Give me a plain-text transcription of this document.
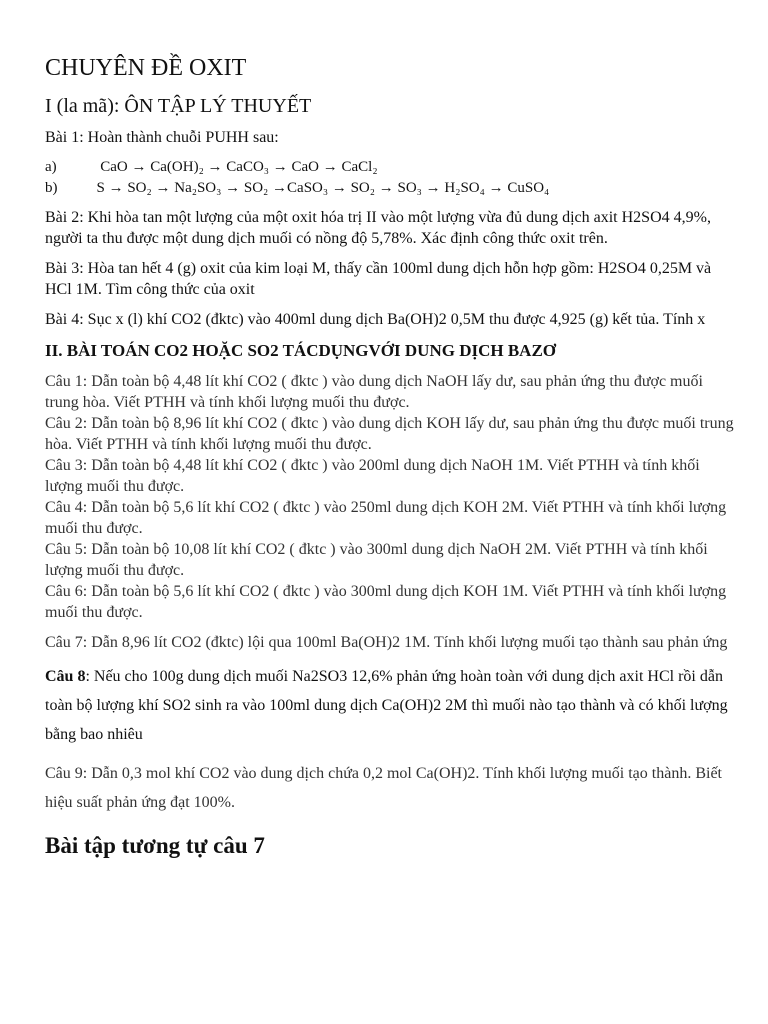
CHUYÊN ĐỀ OXIT
I (la mã): ÔN TẬP LÝ THUYẾT
Bài 1: Hoàn thành chuỗi PUHH sau:
a)   CaO → Ca(OH)₂ → CaCO₃ → CaO → CaCl₂
b)  S → SO₂ → Na₂SO₃ → SO₂ →CaSO₃ → SO₂ → SO₃ → H₂SO₄ → CuSO₄
Bài 2: Khi hòa tan một lượng của một oxit hóa trị II vào một lượng vừa đủ dung dịch axit H2SO4 4,9%, người ta thu được một dung dịch muối có nồng độ 5,78%. Xác định công thức oxit trên.
Bài 3: Hòa tan hết 4 (g) oxit của kim loại M, thấy cần 100ml dung dịch hỗn hợp gồm: H2SO4 0,25M và HCl 1M. Tìm công thức của oxit
Bài 4: Sục x (l) khí CO2 (đktc) vào 400ml dung dịch Ba(OH)2 0,5M thu được 4,925 (g) kết tủa. Tính x
II. BÀI TOÁN CO2 HOẶC SO2 TÁCDỤNGVỚI DUNG DỊCH BAZƠ
Câu 1: Dẫn toàn bộ 4,48 lít khí CO2 ( đktc ) vào dung dịch NaOH lấy dư, sau phản ứng thu được muối trung hòa. Viết PTHH và tính khối lượng muối thu được.
Câu 2: Dẫn toàn bộ 8,96 lít khí CO2 ( đktc ) vào dung dịch KOH lấy dư, sau phản ứng thu được muối trung hòa. Viết PTHH và tính khối lượng muối thu được.
Câu 3: Dẫn toàn bộ 4,48 lít khí CO2 ( đktc ) vào 200ml dung dịch NaOH 1M. Viết PTHH và tính khối lượng muối thu được.
Câu 4: Dẫn toàn bộ 5,6 lít khí CO2 ( đktc ) vào 250ml dung dịch KOH 2M. Viết PTHH và tính khối lượng muối thu được.
Câu 5: Dẫn toàn bộ 10,08 lít khí CO2 ( đktc ) vào 300ml dung dịch NaOH 2M. Viết PTHH và tính khối lượng muối thu được.
Câu 6: Dẫn toàn bộ 5,6 lít khí CO2 ( đktc ) vào 300ml dung dịch KOH 1M. Viết PTHH và tính khối lượng muối thu được.
Câu 7: Dẫn 8,96 lít CO2 (đktc) lội qua 100ml Ba(OH)2 1M. Tính khối lượng muối tạo thành sau phản ứng
Câu 8: Nếu cho 100g dung dịch muối Na2SO3 12,6% phản ứng hoàn toàn với dung dịch axit HCl rồi dẫn toàn bộ lượng khí SO2 sinh ra vào 100ml dung dịch Ca(OH)2 2M thì muối nào tạo thành và có khối lượng bằng bao nhiêu
Câu 9: Dẫn 0,3 mol khí CO2 vào dung dịch chứa 0,2 mol Ca(OH)2. Tính khối lượng muối tạo thành. Biết hiệu suất phản ứng đạt 100%.
Bài tập tương tự câu 7
